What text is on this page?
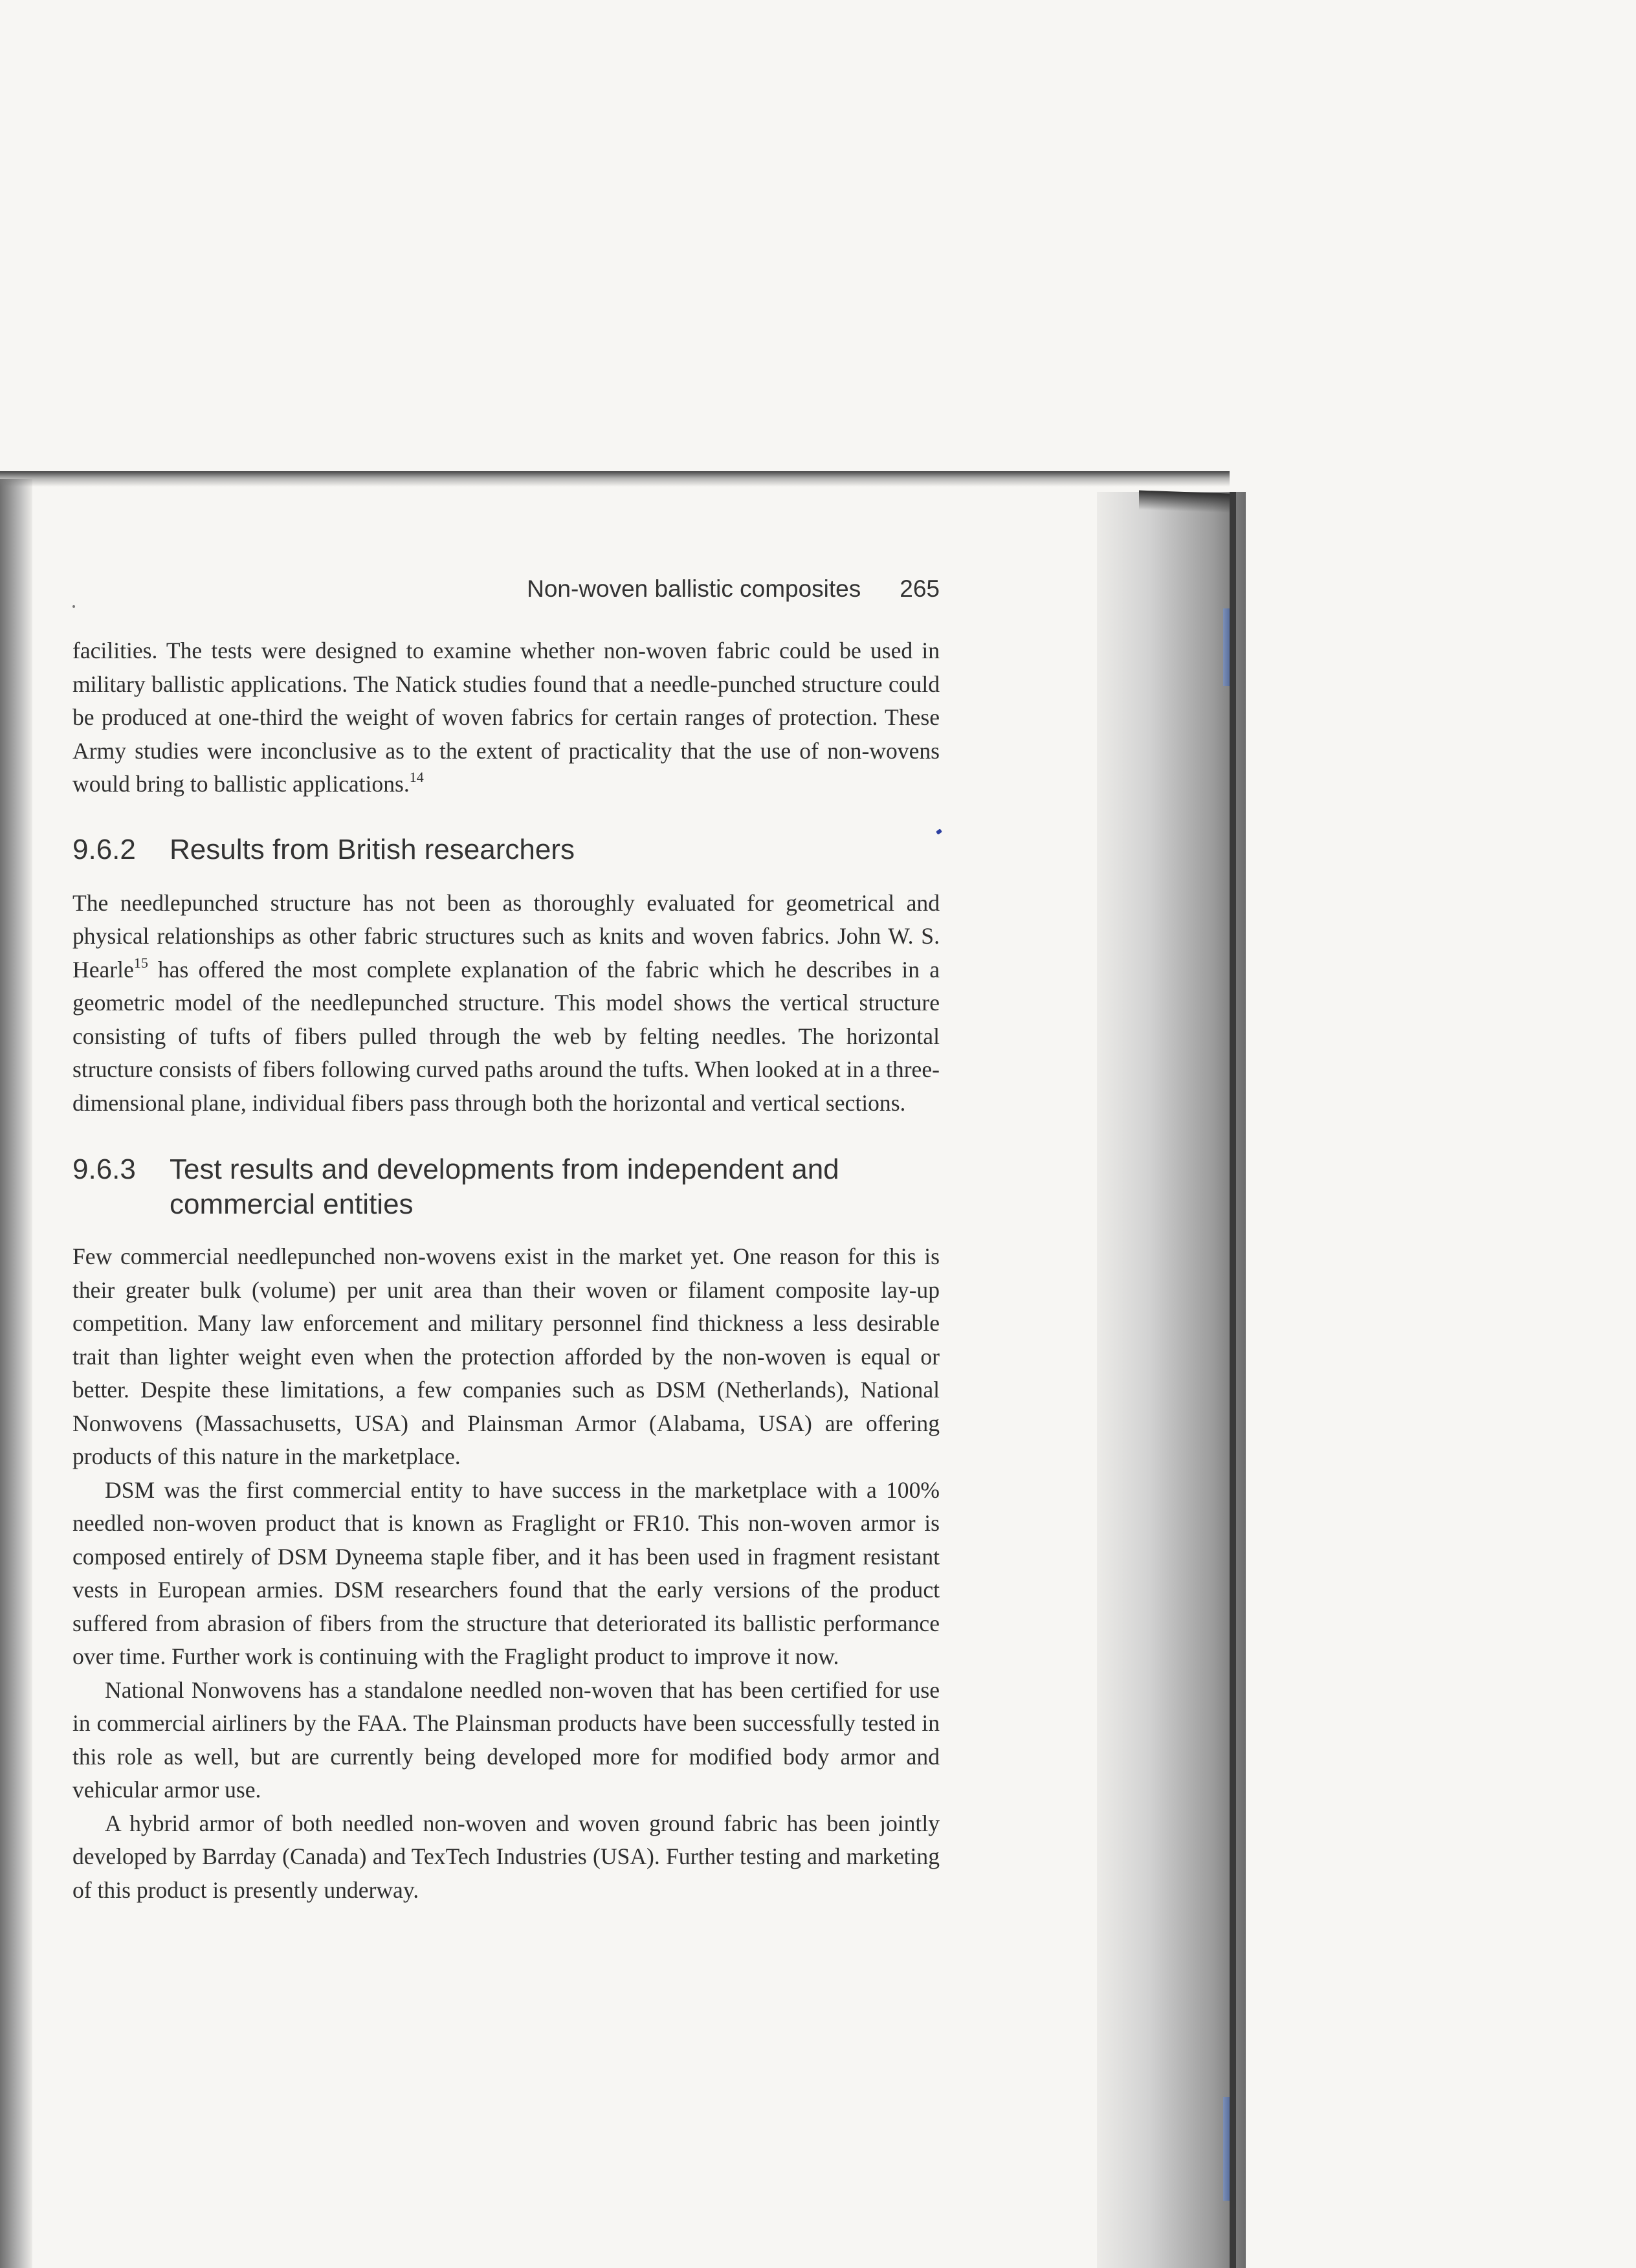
Non-woven ballistic composites 265

facilities. The tests were designed to examine whether non-woven fabric could be used in military ballistic applications. The Natick studies found that a needle-punched structure could be produced at one-third the weight of woven fabrics for certain ranges of protection. These Army studies were inconclusive as to the extent of practicality that the use of non-wovens would bring to ballistic applications.$^{14}$

9.6.2	Results from British researchers

The needlepunched structure has not been as thoroughly evaluated for geometrical and physical relationships as other fabric structures such as knits and woven fabrics. John W. S. Hearle$^{15}$ has offered the most complete explanation of the fabric which he describes in a geometric model of the needlepunched structure. This model shows the vertical structure consisting of tufts of fibers pulled through the web by felting needles. The horizontal structure consists of fibers following curved paths around the tufts. When looked at in a three-dimensional plane, individual fibers pass through both the horizontal and vertical sections.

9.6.3	Test results and developments from independent and
commercial entities

Few commercial needlepunched non-wovens exist in the market yet. One reason for this is their greater bulk (volume) per unit area than their woven or filament composite lay-up competition. Many law enforcement and military personnel find thickness a less desirable trait than lighter weight even when the protection afforded by the non-woven is equal or better. Despite these limitations, a few companies such as DSM (Netherlands), National Nonwovens (Massachusetts, USA) and Plainsman Armor (Alabama, USA) are offering products of this nature in the marketplace.

DSM was the first commercial entity to have success in the marketplace with a 100% needled non-woven product that is known as Fraglight or FR10. This non-woven armor is composed entirely of DSM Dyneema staple fiber, and it has been used in fragment resistant vests in European armies. DSM researchers found that the early versions of the product suffered from abrasion of fibers from the structure that deteriorated its ballistic performance over time. Further work is continuing with the Fraglight product to improve it now.

National Nonwovens has a standalone needled non-woven that has been certified for use in commercial airliners by the FAA. The Plainsman products have been successfully tested in this role as well, but are currently being developed more for modified body armor and vehicular armor use.

A hybrid armor of both needled non-woven and woven ground fabric has been jointly developed by Barrday (Canada) and TexTech Industries (USA). Further testing and marketing of this product is presently underway.
